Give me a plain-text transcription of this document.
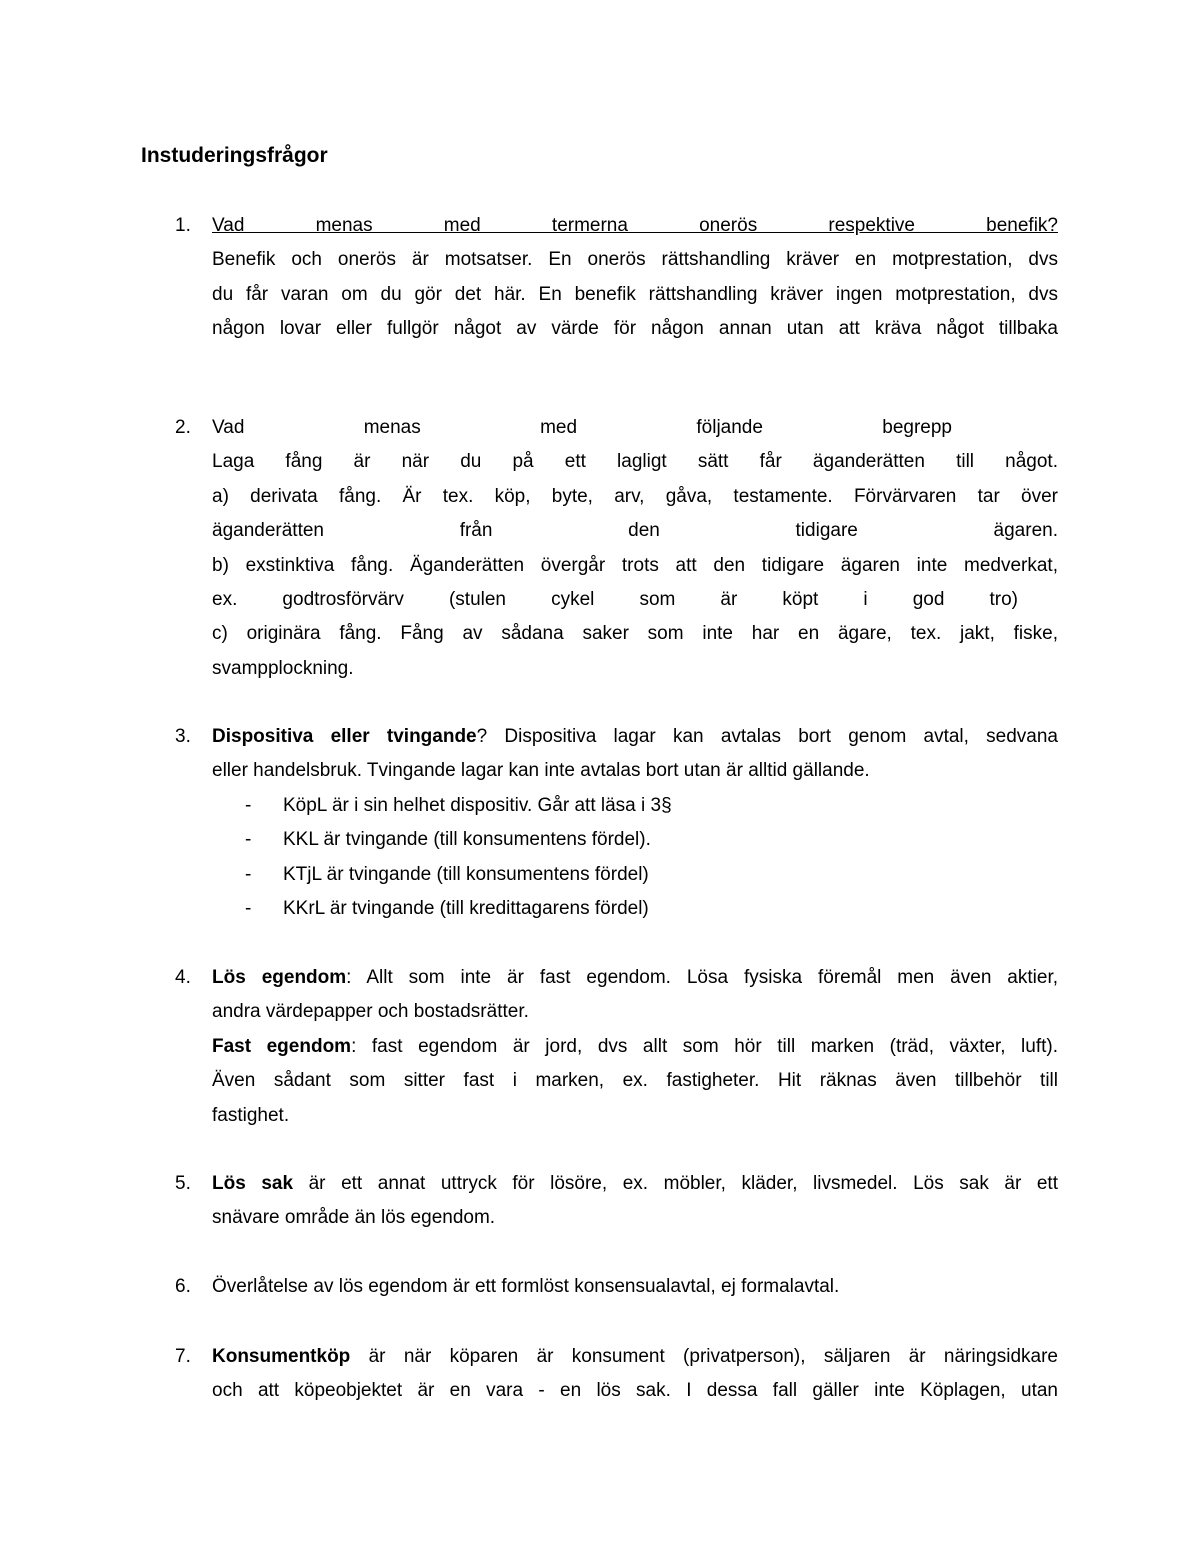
Instuderingsfrågor
1.	Vad menas med termerna onerös respektive benefik?
Benefik och onerös är motsatser. En onerös rättshandling kräver en motprestation, dvs
du får varan om du gör det här. En benefik rättshandling kräver ingen motprestation, dvs
någon lovar eller fullgör något av värde för någon annan utan att kräva något tillbaka
2.	Vad menas med följande begrepp
Laga fång är när du på ett lagligt sätt får äganderätten till något.
a) derivata fång. Är tex. köp, byte, arv, gåva, testamente. Förvärvaren tar över
äganderätten från den tidigare ägaren.
b) exstinktiva fång. Äganderätten övergår trots att den tidigare ägaren inte medverkat,
ex. godtrosförvärv (stulen cykel som är köpt i god tro)
c) originära fång. Fång av sådana saker som inte har en ägare, tex. jakt, fiske,
svampplockning.
3.	Dispositiva eller tvingande? Dispositiva lagar kan avtalas bort genom avtal, sedvana
eller handelsbruk. Tvingande lagar kan inte avtalas bort utan är alltid gällande.
- KöpL är i sin helhet dispositiv. Går att läsa i 3§
- KKL är tvingande (till konsumentens fördel).
- KTjL är tvingande (till konsumentens fördel)
- KKrL är tvingande (till kredittagarens fördel)
4.	Lös egendom: Allt som inte är fast egendom. Lösa fysiska föremål men även aktier,
andra värdepapper och bostadsrätter.
Fast egendom: fast egendom är jord, dvs allt som hör till marken (träd, växter, luft).
Även sådant som sitter fast i marken, ex. fastigheter. Hit räknas även tillbehör till
fastighet.
5.	Lös sak är ett annat uttryck för lösöre, ex. möbler, kläder, livsmedel. Lös sak är ett
snävare område än lös egendom.
6.	Överlåtelse av lös egendom är ett formlöst konsensualavtal, ej formalavtal.
7.	Konsumentköp är när köparen är konsument (privatperson), säljaren är näringsidkare
och att köpeobjektet är en vara - en lös sak. I dessa fall gäller inte Köplagen, utan
